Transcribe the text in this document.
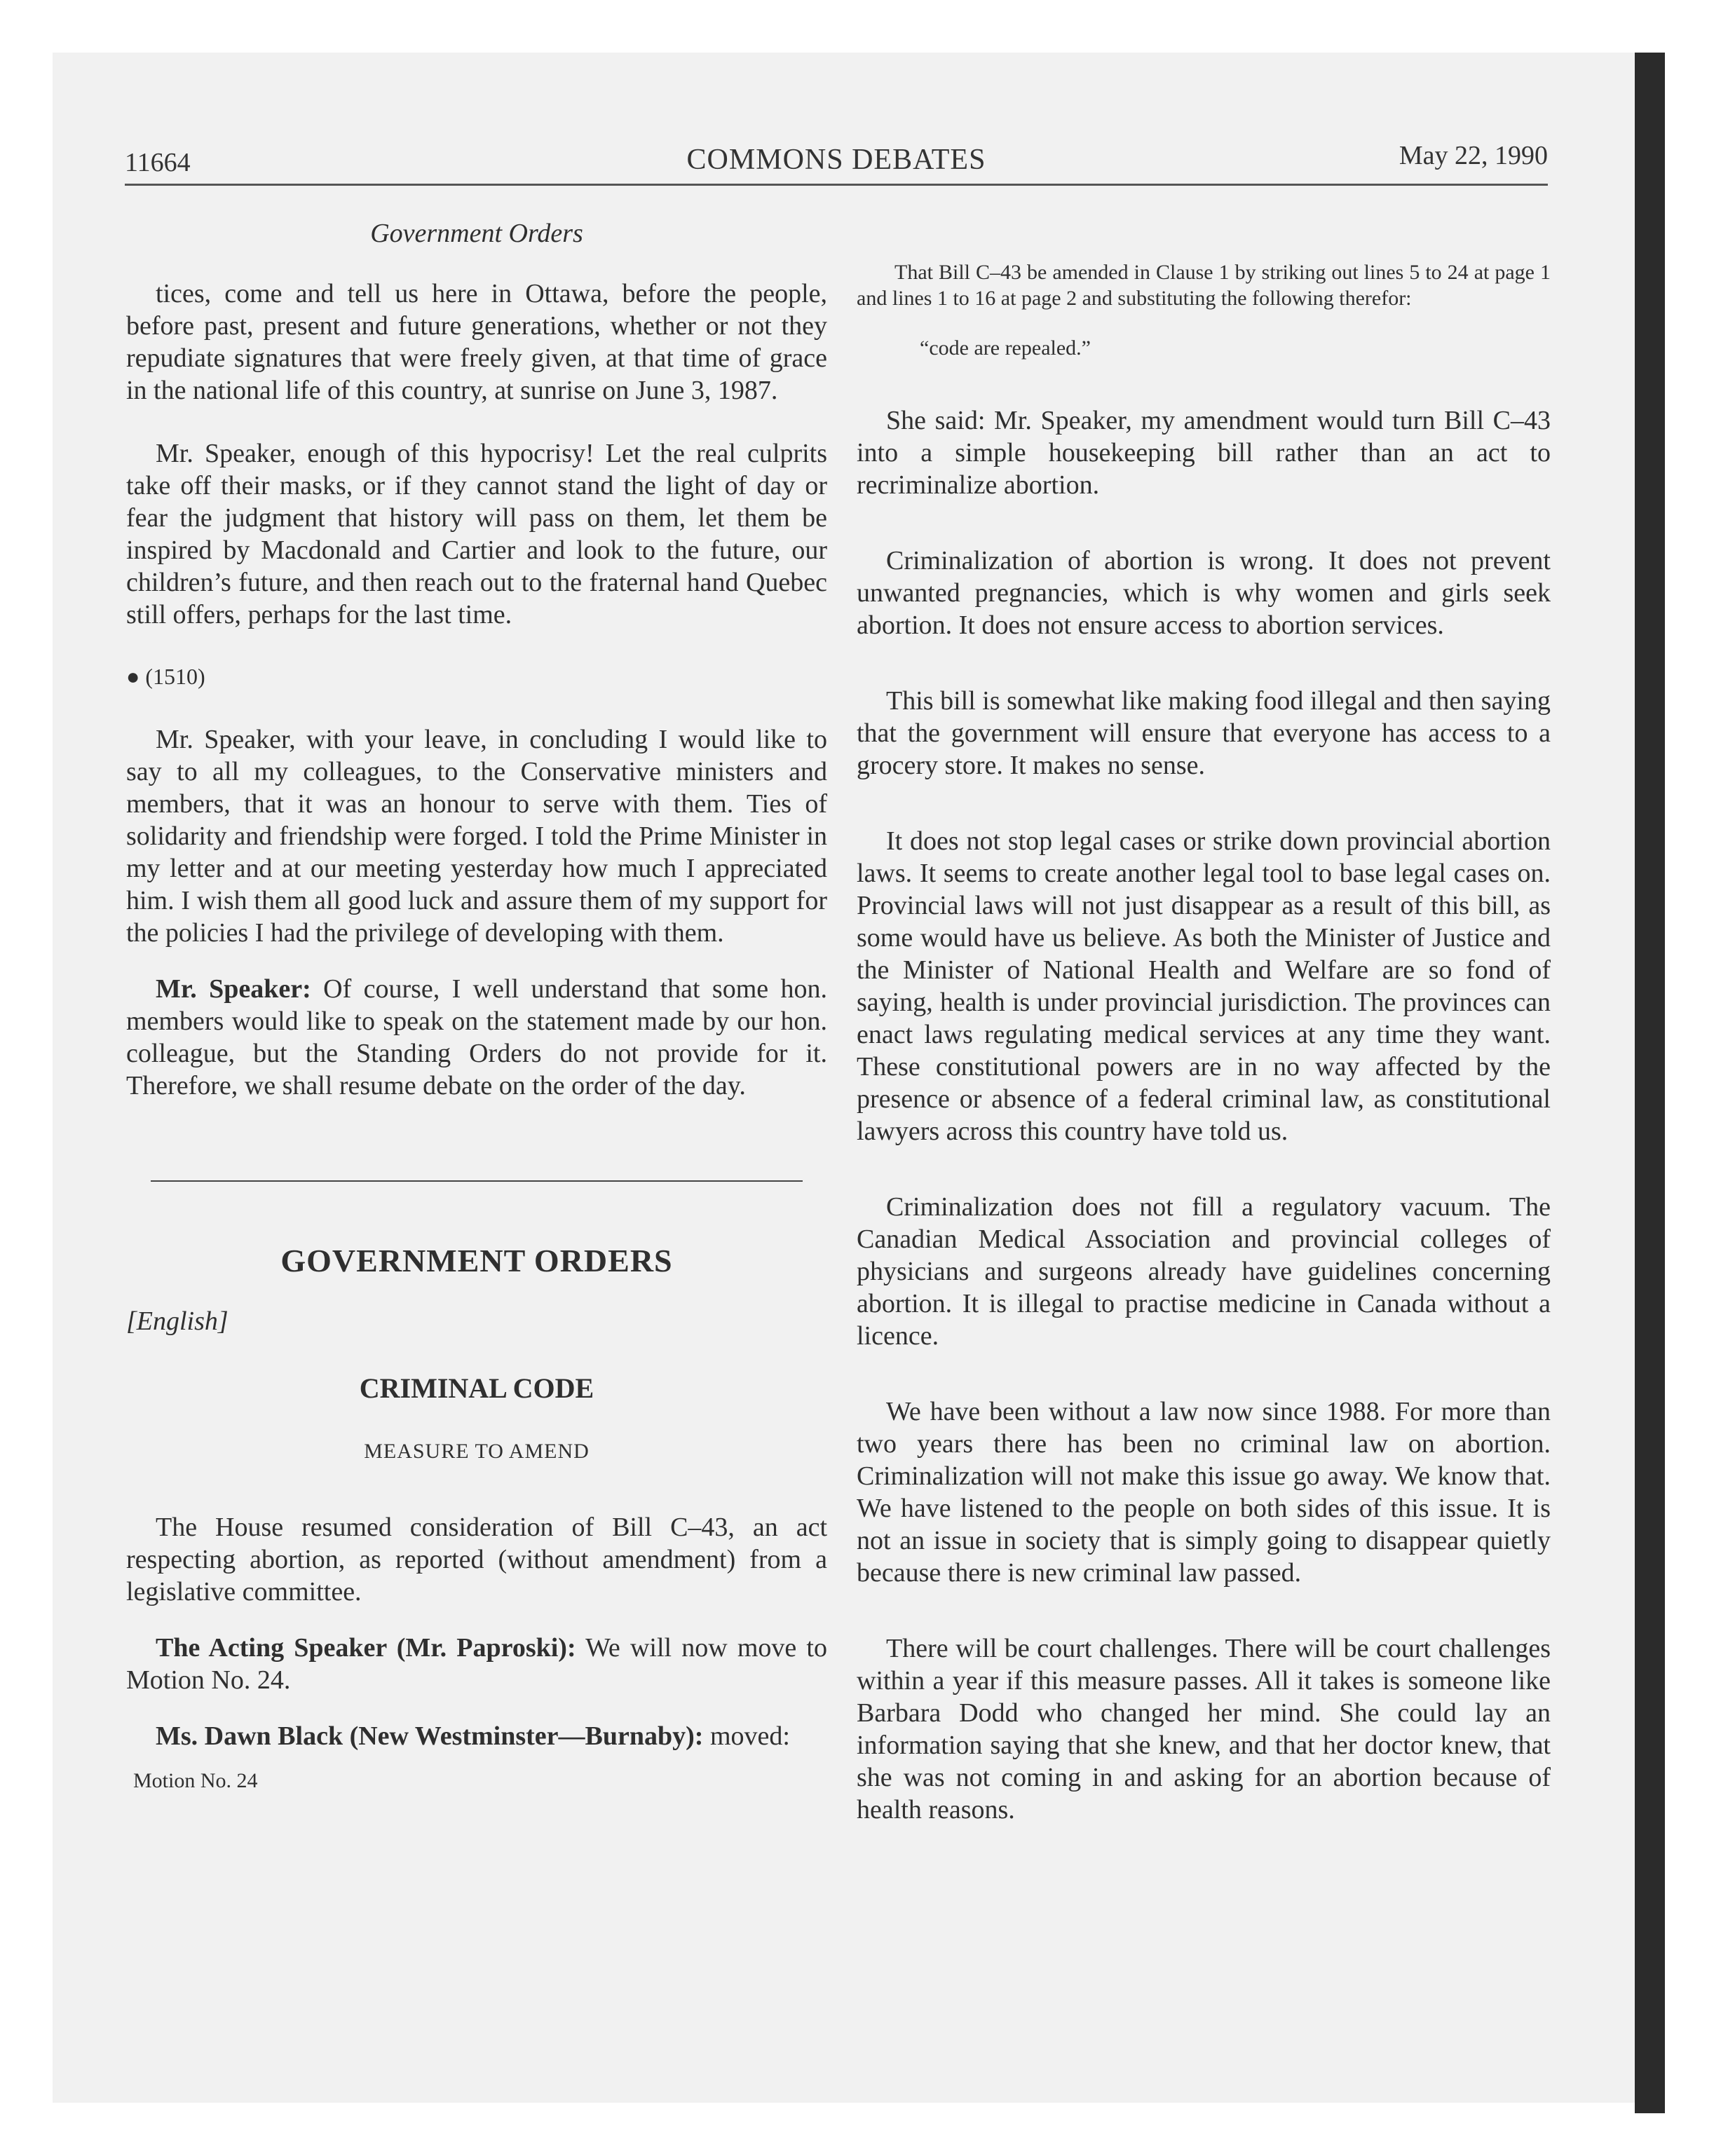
11664	COMMONS DEBATES	May 22, 1990
Government Orders

tices, come and tell us here in Ottawa, before the people, before past, present and future generations, whether or not they repudiate signatures that were freely given, at that time of grace in the national life of this country, at sunrise on June 3, 1987.

Mr. Speaker, enough of this hypocrisy! Let the real culprits take off their masks, or if they cannot stand the light of day or fear the judgment that history will pass on them, let them be inspired by Macdonald and Cartier and look to the future, our children’s future, and then reach out to the fraternal hand Quebec still offers, perhaps for the last time.

● (1510)

Mr. Speaker, with your leave, in concluding I would like to say to all my colleagues, to the Conservative ministers and members, that it was an honour to serve with them. Ties of solidarity and friendship were forged. I told the Prime Minister in my letter and at our meeting yesterday how much I appreciated him. I wish them all good luck and assure them of my support for the policies I had the privilege of developing with them.

Mr. Speaker: Of course, I well understand that some hon. members would like to speak on the statement made by our hon. colleague, but the Standing Orders do not provide for it. Therefore, we shall resume debate on the order of the day.

GOVERNMENT ORDERS

[English]

CRIMINAL CODE
MEASURE TO AMEND

The House resumed consideration of Bill C–43, an act respecting abortion, as reported (without amendment) from a legislative committee.

The Acting Speaker (Mr. Paproski): We will now move to Motion No. 24.

Ms. Dawn Black (New Westminster—Burnaby): moved:

Motion No. 24

That Bill C–43 be amended in Clause 1 by striking out lines 5 to 24 at page 1 and lines 1 to 16 at page 2 and substituting the following therefor:

“code are repealed.”

She said: Mr. Speaker, my amendment would turn Bill C–43 into a simple housekeeping bill rather than an act to recriminalize abortion.

Criminalization of abortion is wrong. It does not prevent unwanted pregnancies, which is why women and girls seek abortion. It does not ensure access to abortion services.

This bill is somewhat like making food illegal and then saying that the government will ensure that everyone has access to a grocery store. It makes no sense.

It does not stop legal cases or strike down provincial abortion laws. It seems to create another legal tool to base legal cases on. Provincial laws will not just disappear as a result of this bill, as some would have us believe. As both the Minister of Justice and the Minister of National Health and Welfare are so fond of saying, health is under provincial jurisdiction. The provinces can enact laws regulating medical services at any time they want. These constitutional powers are in no way affected by the presence or absence of a federal criminal law, as constitutional lawyers across this country have told us.

Criminalization does not fill a regulatory vacuum. The Canadian Medical Association and provincial colleges of physicians and surgeons already have guidelines concerning abortion. It is illegal to practise medicine in Canada without a licence.

We have been without a law now since 1988. For more than two years there has been no criminal law on abortion. Criminalization will not make this issue go away. We know that. We have listened to the people on both sides of this issue. It is not an issue in society that is simply going to disappear quietly because there is new criminal law passed.

There will be court challenges. There will be court challenges within a year if this measure passes. All it takes is someone like Barbara Dodd who changed her mind. She could lay an information saying that she knew, and that her doctor knew, that she was not coming in and asking for an abortion because of health reasons.
